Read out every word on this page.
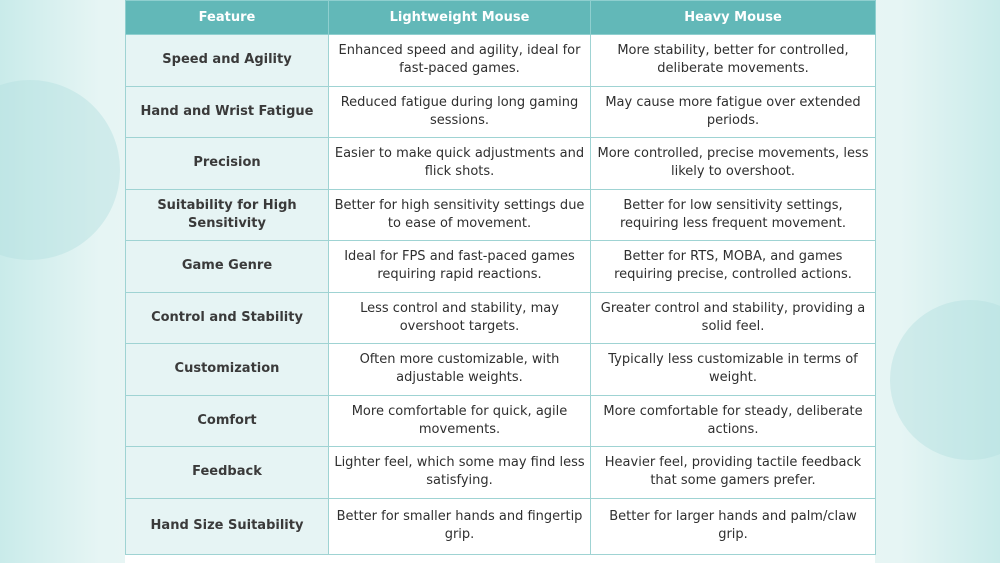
Feature	Lightweight Mouse	Heavy Mouse
Speed and Agility	Enhanced speed and agility, ideal for fast-paced games.	More stability, better for controlled, deliberate movements.
Hand and Wrist Fatigue	Reduced fatigue during long gaming sessions.	May cause more fatigue over extended periods.
Precision	Easier to make quick adjustments and flick shots.	More controlled, precise movements, less likely to overshoot.
Suitability for High Sensitivity	Better for high sensitivity settings due to ease of movement.	Better for low sensitivity settings, requiring less frequent movement.
Game Genre	Ideal for FPS and fast-paced games requiring rapid reactions.	Better for RTS, MOBA, and games requiring precise, controlled actions.
Control and Stability	Less control and stability, may overshoot targets.	Greater control and stability, providing a solid feel.
Customization	Often more customizable, with adjustable weights.	Typically less customizable in terms of weight.
Comfort	More comfortable for quick, agile movements.	More comfortable for steady, deliberate actions.
Feedback	Lighter feel, which some may find less satisfying.	Heavier feel, providing tactile feedback that some gamers prefer.
Hand Size Suitability	Better for smaller hands and fingertip grip.	Better for larger hands and palm/claw grip.
